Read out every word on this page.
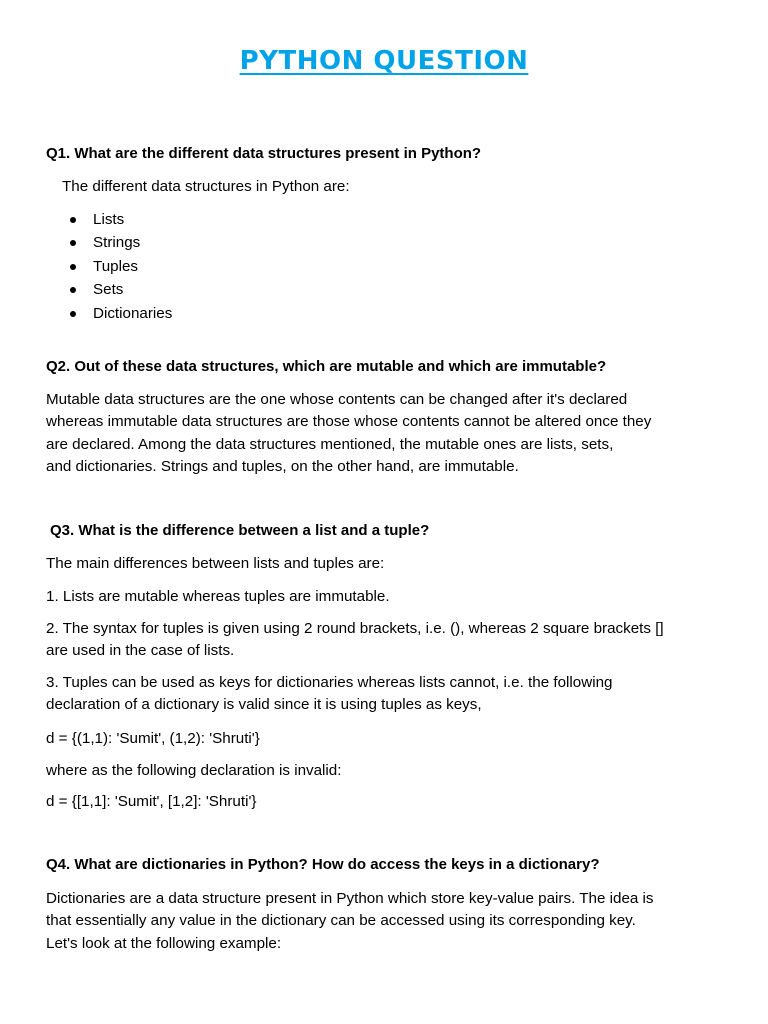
PYTHON QUESTION
Q1. What are the different data structures present in Python?
The different data structures in Python are:
Lists
Strings
Tuples
Sets
Dictionaries
Q2. Out of these data structures, which are mutable and which are immutable?
Mutable data structures are the one whose contents can be changed after it's declared
whereas immutable data structures are those whose contents cannot be altered once they
are declared. Among the data structures mentioned, the mutable ones are lists, sets,
and dictionaries. Strings and tuples, on the other hand, are immutable.
Q3. What is the difference between a list and a tuple?
The main differences between lists and tuples are:
1. Lists are mutable whereas tuples are immutable.
2. The syntax for tuples is given using 2 round brackets, i.e. (), whereas 2 square brackets []
are used in the case of lists.
3. Tuples can be used as keys for dictionaries whereas lists cannot, i.e. the following
declaration of a dictionary is valid since it is using tuples as keys,
d = {(1,1): 'Sumit', (1,2): 'Shruti'}
where as the following declaration is invalid:
d = {[1,1]: 'Sumit', [1,2]: 'Shruti'}
Q4. What are dictionaries in Python? How do access the keys in a dictionary?
Dictionaries are a data structure present in Python which store key-value pairs. The idea is
that essentially any value in the dictionary can be accessed using its corresponding key.
Let's look at the following example:
